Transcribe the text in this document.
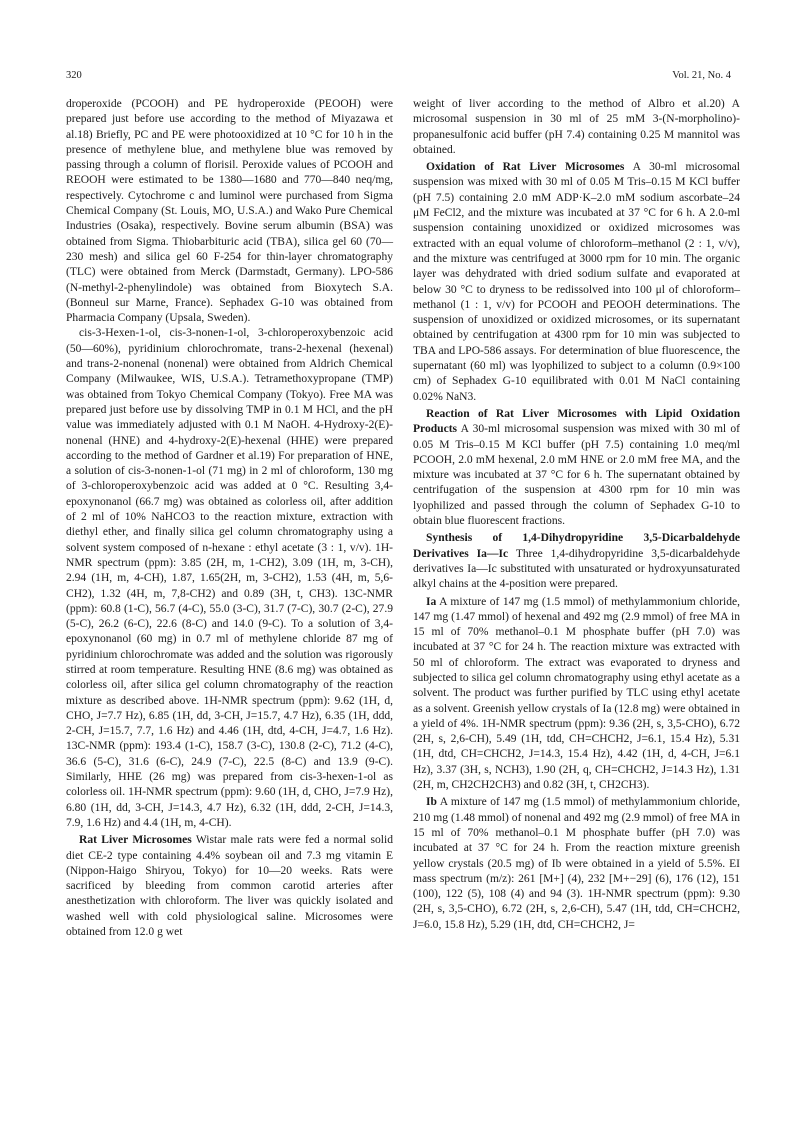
320	Vol. 21, No. 4

droperoxide (PCOOH) and PE hydroperoxide (PEOOH) were prepared just before use according to the method of Miyazawa et al.18) Briefly, PC and PE were photooxidized at 10 °C for 10 h in the presence of methylene blue, and methylene blue was removed by passing through a column of florisil. Peroxide values of PCOOH and REOOH were estimated to be 1380—1680 and 770—840 neq/mg, respectively. Cytochrome c and luminol were purchased from Sigma Chemical Company (St. Louis, MO, U.S.A.) and Wako Pure Chemical Industries (Osaka), respectively. Bovine serum albumin (BSA) was obtained from Sigma. Thiobarbituric acid (TBA), silica gel 60 (70—230 mesh) and silica gel 60 F-254 for thin-layer chromatography (TLC) were obtained from Merck (Darmstadt, Germany). LPO-586 (N-methyl-2-phenylindole) was obtained from Bioxytech S.A. (Bonneul sur Marne, France). Sephadex G-10 was obtained from Pharmacia Company (Upsala, Sweden).

cis-3-Hexen-1-ol, cis-3-nonen-1-ol, 3-chloroperoxybenzoic acid (50—60%), pyridinium chlorochromate, trans-2-hexenal (hexenal) and trans-2-nonenal (nonenal) were obtained from Aldrich Chemical Company (Milwaukee, WIS, U.S.A.). Tetramethoxypropane (TMP) was obtained from Tokyo Chemical Company (Tokyo). Free MA was prepared just before use by dissolving TMP in 0.1 M HCl, and the pH value was immediately adjusted with 0.1 M NaOH. 4-Hydroxy-2(E)-nonenal (HNE) and 4-hydroxy-2(E)-hexenal (HHE) were prepared according to the method of Gardner et al.19) For preparation of HNE, a solution of cis-3-nonen-1-ol (71 mg) in 2 ml of chloroform, 130 mg of 3-chloroperoxybenzoic acid was added at 0 °C. Resulting 3,4-epoxynonanol (66.7 mg) was obtained as colorless oil, after addition of 2 ml of 10% NaHCO3 to the reaction mixture, extraction with diethyl ether, and finally silica gel column chromatography using a solvent system composed of n-hexane : ethyl acetate (3 : 1, v/v). 1H-NMR spectrum (ppm): 3.85 (2H, m, 1-CH2), 3.09 (1H, m, 3-CH), 2.94 (1H, m, 4-CH), 1.87, 1.65(2H, m, 3-CH2), 1.53 (4H, m, 5,6-CH2), 1.32 (4H, m, 7,8-CH2) and 0.89 (3H, t, CH3). 13C-NMR (ppm): 60.8 (1-C), 56.7 (4-C), 55.0 (3-C), 31.7 (7-C), 30.7 (2-C), 27.9 (5-C), 26.2 (6-C), 22.6 (8-C) and 14.0 (9-C). To a solution of 3,4-epoxynonanol (60 mg) in 0.7 ml of methylene chloride 87 mg of pyridinium chlorochromate was added and the solution was rigorously stirred at room temperature. Resulting HNE (8.6 mg) was obtained as colorless oil, after silica gel column chromatography of the reaction mixture as described above. 1H-NMR spectrum (ppm): 9.62 (1H, d, CHO, J=7.7 Hz), 6.85 (1H, dd, 3-CH, J=15.7, 4.7 Hz), 6.35 (1H, ddd, 2-CH, J=15.7, 7.7, 1.6 Hz) and 4.46 (1H, dtd, 4-CH, J=4.7, 1.6 Hz). 13C-NMR (ppm): 193.4 (1-C), 158.7 (3-C), 130.8 (2-C), 71.2 (4-C), 36.6 (5-C), 31.6 (6-C), 24.9 (7-C), 22.5 (8-C) and 13.9 (9-C). Similarly, HHE (26 mg) was prepared from cis-3-hexen-1-ol as colorless oil. 1H-NMR spectrum (ppm): 9.60 (1H, d, CHO, J=7.9 Hz), 6.80 (1H, dd, 3-CH, J=14.3, 4.7 Hz), 6.32 (1H, ddd, 2-CH, J=14.3, 7.9, 1.6 Hz) and 4.4 (1H, m, 4-CH).

Rat Liver Microsomes Wistar male rats were fed a normal solid diet CE-2 type containing 4.4% soybean oil and 7.3 mg vitamin E (Nippon-Haigo Shiryou, Tokyo) for 10—20 weeks. Rats were sacrificed by bleeding from common carotid arteries after anesthetization with chloroform. The liver was quickly isolated and washed well with cold physiological saline. Microsomes were obtained from 12.0 g wet

weight of liver according to the method of Albro et al.20) A microsomal suspension in 30 ml of 25 mM 3-(N-morpholino)-propanesulfonic acid buffer (pH 7.4) containing 0.25 M mannitol was obtained.

Oxidation of Rat Liver Microsomes A 30-ml microsomal suspension was mixed with 30 ml of 0.05 M Tris–0.15 M KCl buffer (pH 7.5) containing 2.0 mM ADP·K–2.0 mM sodium ascorbate–24 μM FeCl2, and the mixture was incubated at 37 °C for 6 h. A 2.0-ml suspension containing unoxidized or oxidized microsomes was extracted with an equal volume of chloroform–methanol (2 : 1, v/v), and the mixture was centrifuged at 3000 rpm for 10 min. The organic layer was dehydrated with dried sodium sulfate and evaporated at below 30 °C to dryness to be redissolved into 100 μl of chloroform–methanol (1 : 1, v/v) for PCOOH and PEOOH determinations. The suspension of unoxidized or oxidized microsomes, or its supernatant obtained by centrifugation at 4300 rpm for 10 min was subjected to TBA and LPO-586 assays. For determination of blue fluorescence, the supernatant (60 ml) was lyophilized to subject to a column (0.9×100 cm) of Sephadex G-10 equilibrated with 0.01 M NaCl containing 0.02% NaN3.

Reaction of Rat Liver Microsomes with Lipid Oxidation Products A 30-ml microsomal suspension was mixed with 30 ml of 0.05 M Tris–0.15 M KCl buffer (pH 7.5) containing 1.0 meq/ml PCOOH, 2.0 mM hexenal, 2.0 mM HNE or 2.0 mM free MA, and the mixture was incubated at 37 °C for 6 h. The supernatant obtained by centrifugation of the suspension at 4300 rpm for 10 min was lyophilized and passed through the column of Sephadex G-10 to obtain blue fluorescent fractions.

Synthesis of 1,4-Dihydropyridine 3,5-Dicarbaldehyde Derivatives Ia—Ic Three 1,4-dihydropyridine 3,5-dicarbaldehyde derivatives Ia—Ic substituted with unsaturated or hydroxyunsaturated alkyl chains at the 4-position were prepared.

Ia A mixture of 147 mg (1.5 mmol) of methylammonium chloride, 147 mg (1.47 mmol) of hexenal and 492 mg (2.9 mmol) of free MA in 15 ml of 70% methanol–0.1 M phosphate buffer (pH 7.0) was incubated at 37 °C for 24 h. The reaction mixture was extracted with 50 ml of chloroform. The extract was evaporated to dryness and subjected to silica gel column chromatography using ethyl acetate as a solvent. The product was further purified by TLC using ethyl acetate as a solvent. Greenish yellow crystals of Ia (12.8 mg) were obtained in a yield of 4%. 1H-NMR spectrum (ppm): 9.36 (2H, s, 3,5-CHO), 6.72 (2H, s, 2,6-CH), 5.49 (1H, tdd, CH=CHCH2, J=6.1, 15.4 Hz), 5.31 (1H, dtd, CH=CHCH2, J=14.3, 15.4 Hz), 4.42 (1H, d, 4-CH, J=6.1 Hz), 3.37 (3H, s, NCH3), 1.90 (2H, q, CH=CHCH2, J=14.3 Hz), 1.31 (2H, m, CH2CH2CH3) and 0.82 (3H, t, CH2CH3).

Ib A mixture of 147 mg (1.5 mmol) of methylammonium chloride, 210 mg (1.48 mmol) of nonenal and 492 mg (2.9 mmol) of free MA in 15 ml of 70% methanol–0.1 M phosphate buffer (pH 7.0) was incubated at 37 °C for 24 h. From the reaction mixture greenish yellow crystals (20.5 mg) of Ib were obtained in a yield of 5.5%. EI mass spectrum (m/z): 261 [M+] (4), 232 [M+−29] (6), 176 (12), 151 (100), 122 (5), 108 (4) and 94 (3). 1H-NMR spectrum (ppm): 9.30 (2H, s, 3,5-CHO), 6.72 (2H, s, 2,6-CH), 5.47 (1H, tdd, CH=CHCH2, J=6.0, 15.8 Hz), 5.29 (1H, dtd, CH=CHCH2, J=
